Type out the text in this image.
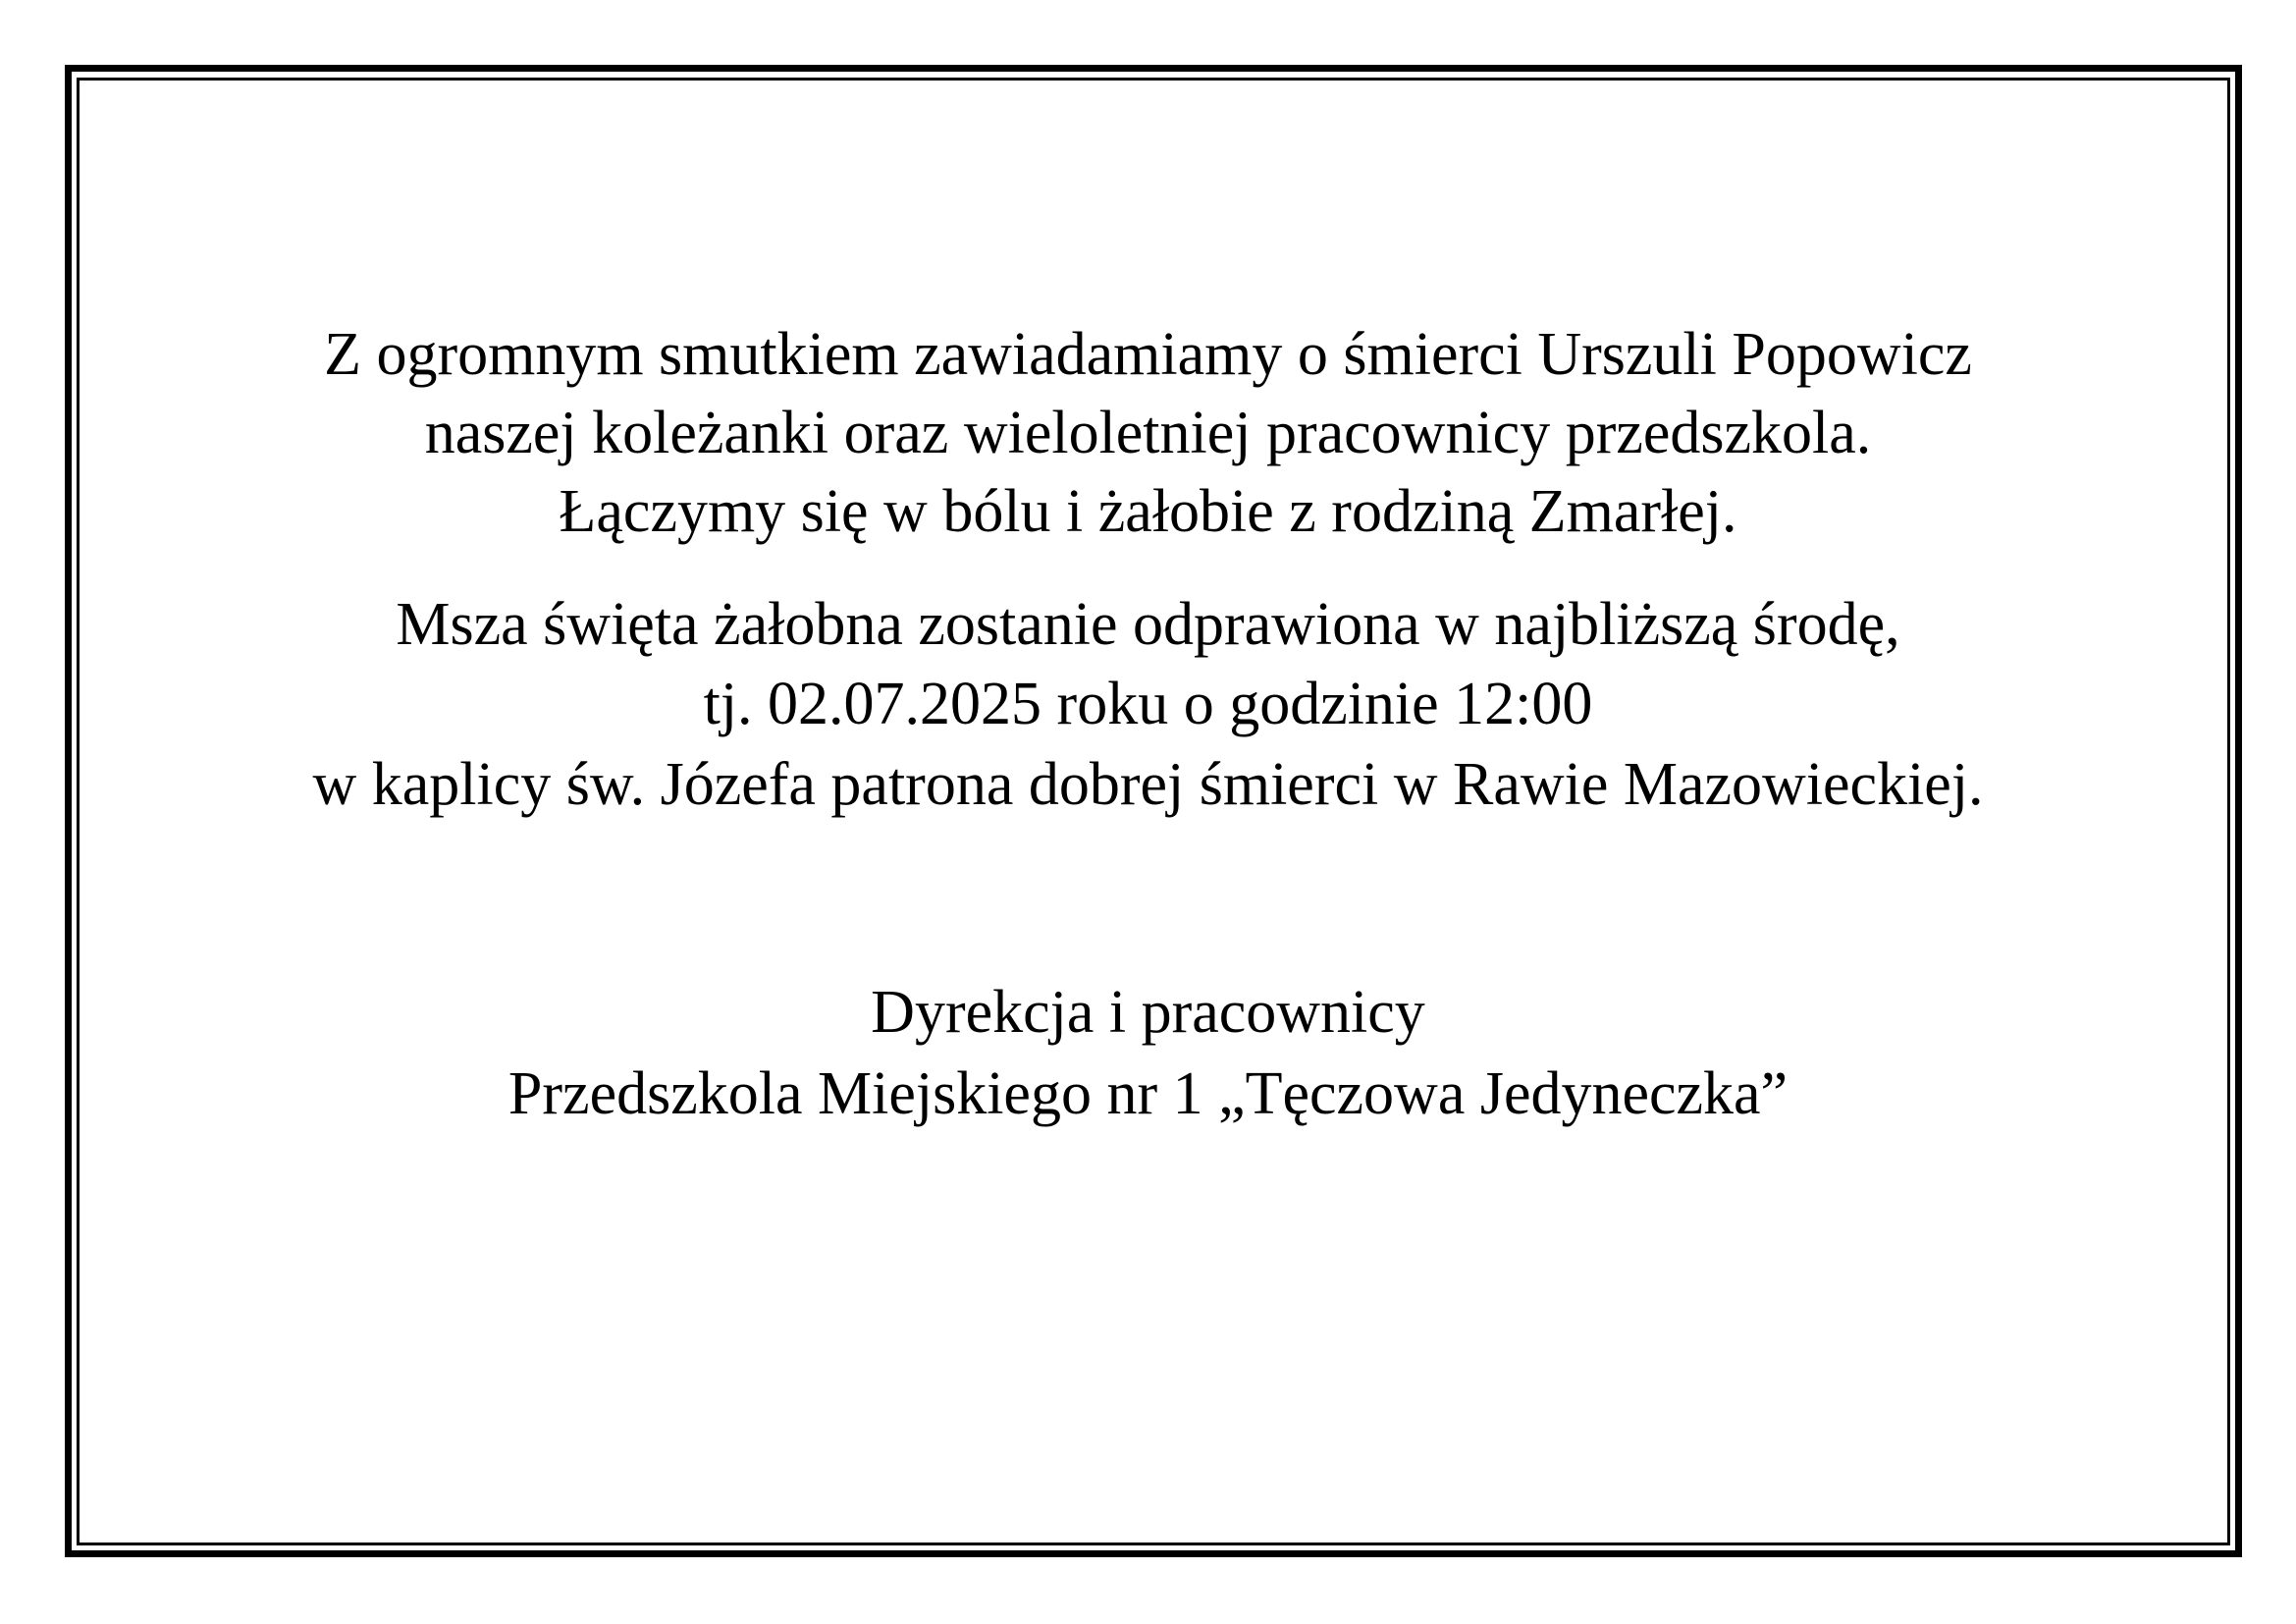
Z ogromnym smutkiem zawiadamiamy o śmierci Urszuli Popowicz
naszej koleżanki oraz wieloletniej pracownicy przedszkola.
Łączymy się w bólu i żałobie z rodziną Zmarłej.
Msza święta żałobna zostanie odprawiona w najbliższą środę,
tj. 02.07.2025 roku o godzinie 12:00
w kaplicy św. Józefa patrona dobrej śmierci w Rawie Mazowieckiej.
Dyrekcja i pracownicy
Przedszkola Miejskiego nr 1 „Tęczowa Jedyneczka”
